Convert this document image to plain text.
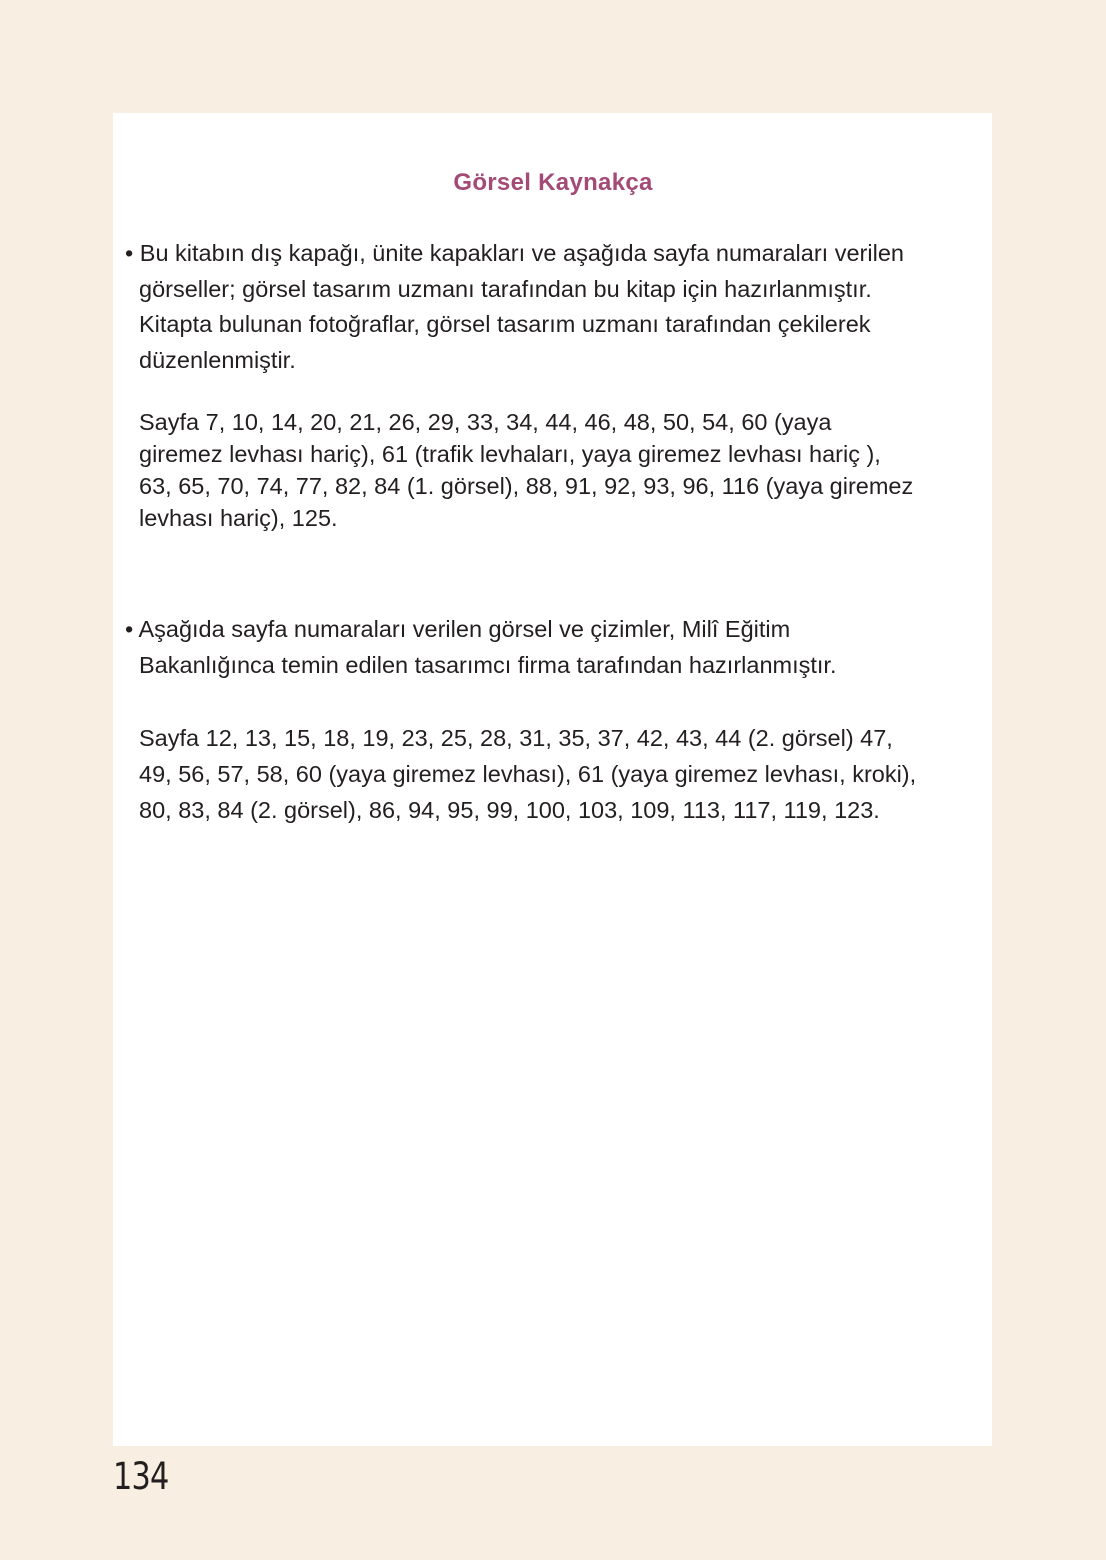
Görsel Kaynakça
• Bu kitabın dış kapağı, ünite kapakları ve aşağıda sayfa numaraları verilen
görseller; görsel tasarım uzmanı tarafından bu kitap için hazırlanmıştır.
Kitapta bulunan fotoğraflar, görsel tasarım uzmanı tarafından çekilerek
düzenlenmiştir.
Sayfa 7, 10, 14, 20, 21, 26, 29, 33, 34, 44, 46, 48, 50, 54, 60 (yaya
giremez levhası hariç), 61 (trafik levhaları, yaya giremez levhası hariç ),
63, 65, 70, 74, 77, 82, 84 (1. görsel), 88, 91, 92, 93, 96, 116 (yaya giremez
levhası hariç), 125.
• Aşağıda sayfa numaraları verilen görsel ve çizimler, Milî Eğitim
Bakanlığınca temin edilen tasarımcı firma tarafından hazırlanmıştır.
Sayfa 12, 13, 15, 18, 19, 23, 25, 28, 31, 35, 37, 42, 43, 44 (2. görsel) 47,
49, 56, 57, 58, 60 (yaya giremez levhası), 61 (yaya giremez levhası, kroki),
80, 83, 84 (2. görsel), 86, 94, 95, 99, 100, 103, 109, 113, 117, 119, 123.
134
